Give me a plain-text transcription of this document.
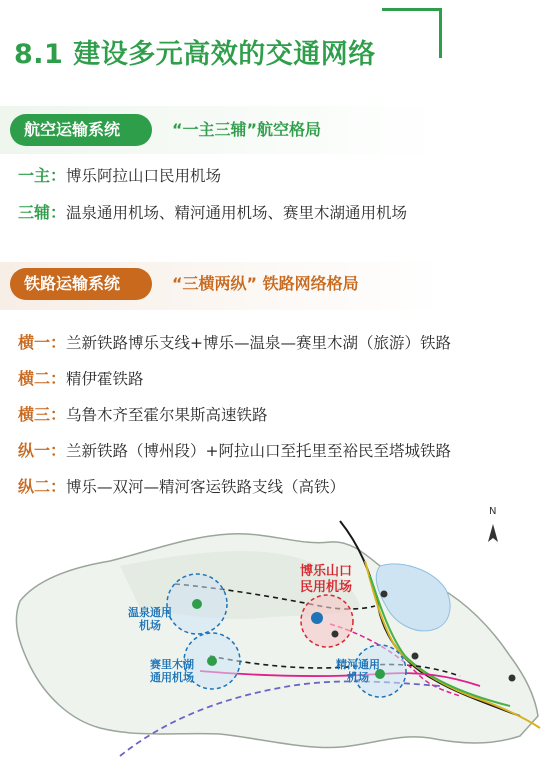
8.1 建设多元高效的交通网络
航空运输系统	“一主三辅”航空格局
一主：博乐阿拉山口民用机场
三辅：温泉通用机场、精河通用机场、赛里木湖通用机场
铁路运输系统	“三横两纵” 铁路网络格局
横一：兰新铁路博乐支线+博乐—温泉—赛里木湖（旅游）铁路
横二：精伊霍铁路
横三：乌鲁木齐至霍尔果斯高速铁路
纵一：兰新铁路（博州段）+阿拉山口至托里至裕民至塔城铁路
纵二：博乐—双河—精河客运铁路支线（高铁）
N
博乐山口
民用机场
温泉通用
机场
赛里木湖
通用机场
精河通用
机场
